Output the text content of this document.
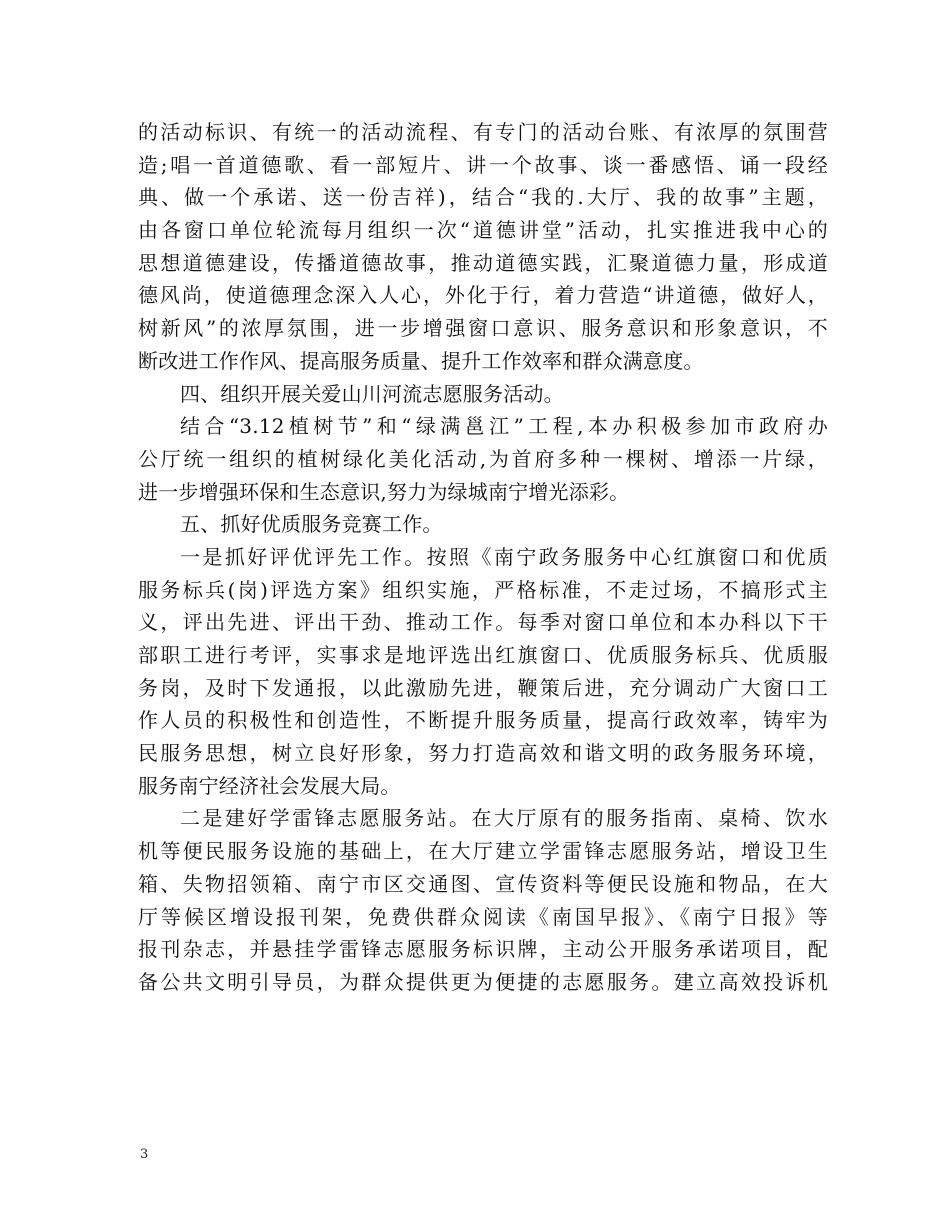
的活动标识、有统一的活动流程、有专门的活动台账、有浓厚的氛围营
造;唱一首道德歌、看一部短片、讲一个故事、谈一番感悟、诵一段经
典、做一个承诺、送一份吉祥)，结合“我的.大厅、我的故事”主题，
由各窗口单位轮流每月组织一次“道德讲堂”活动，扎实推进我中心的
思想道德建设，传播道德故事，推动道德实践，汇聚道德力量，形成道
德风尚，使道德理念深入人心，外化于行，着力营造“讲道德，做好人，
树新风”的浓厚氛围，进一步增强窗口意识、服务意识和形象意识，不
断改进工作作风、提高服务质量、提升工作效率和群众满意度。
四、组织开展关爱山川河流志愿服务活动。
结合“3.12植树节”和“绿满邕江”工程,本办积极参加市政府办
公厅统一组织的植树绿化美化活动,为首府多种一棵树、增添一片绿，
进一步增强环保和生态意识,努力为绿城南宁增光添彩。
五、抓好优质服务竞赛工作。
一是抓好评优评先工作。按照《南宁政务服务中心红旗窗口和优质
服务标兵(岗)评选方案》组织实施，严格标准，不走过场，不搞形式主
义，评出先进、评出干劲、推动工作。每季对窗口单位和本办科以下干
部职工进行考评，实事求是地评选出红旗窗口、优质服务标兵、优质服
务岗，及时下发通报，以此激励先进，鞭策后进，充分调动广大窗口工
作人员的积极性和创造性，不断提升服务质量，提高行政效率，铸牢为
民服务思想，树立良好形象，努力打造高效和谐文明的政务服务环境，
服务南宁经济社会发展大局。
二是建好学雷锋志愿服务站。在大厅原有的服务指南、桌椅、饮水
机等便民服务设施的基础上，在大厅建立学雷锋志愿服务站，增设卫生
箱、失物招领箱、南宁市区交通图、宣传资料等便民设施和物品，在大
厅等候区增设报刊架，免费供群众阅读《南国早报》、《南宁日报》等
报刊杂志，并悬挂学雷锋志愿服务标识牌，主动公开服务承诺项目，配
备公共文明引导员，为群众提供更为便捷的志愿服务。建立高效投诉机
3
